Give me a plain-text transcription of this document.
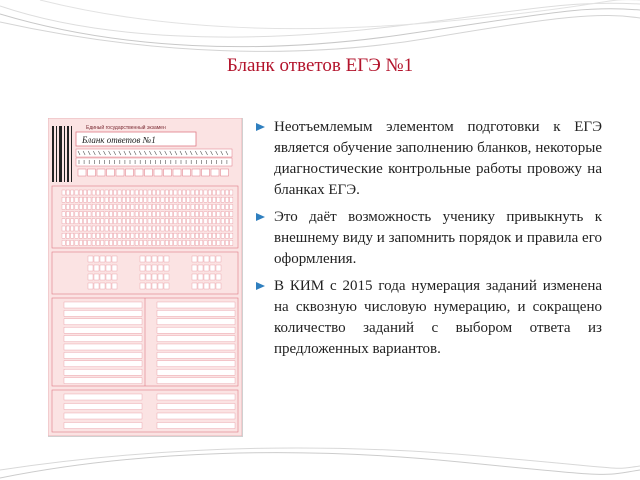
Бланк ответов ЕГЭ №1
Единый государственный экзамен
Бланк ответов №1
Неотъемлемым элементом подготовки к ЕГЭ является обучение заполнению бланков, некоторые диагностические контрольные работы провожу на бланках ЕГЭ.
Это даёт возможность ученику привыкнуть к внешнему виду и запомнить порядок и правила его оформления.
В КИМ с 2015 года нумерация заданий изменена на сквозную числовую нумерацию, и сокращено количество заданий с выбором ответа из предложенных вариантов.
